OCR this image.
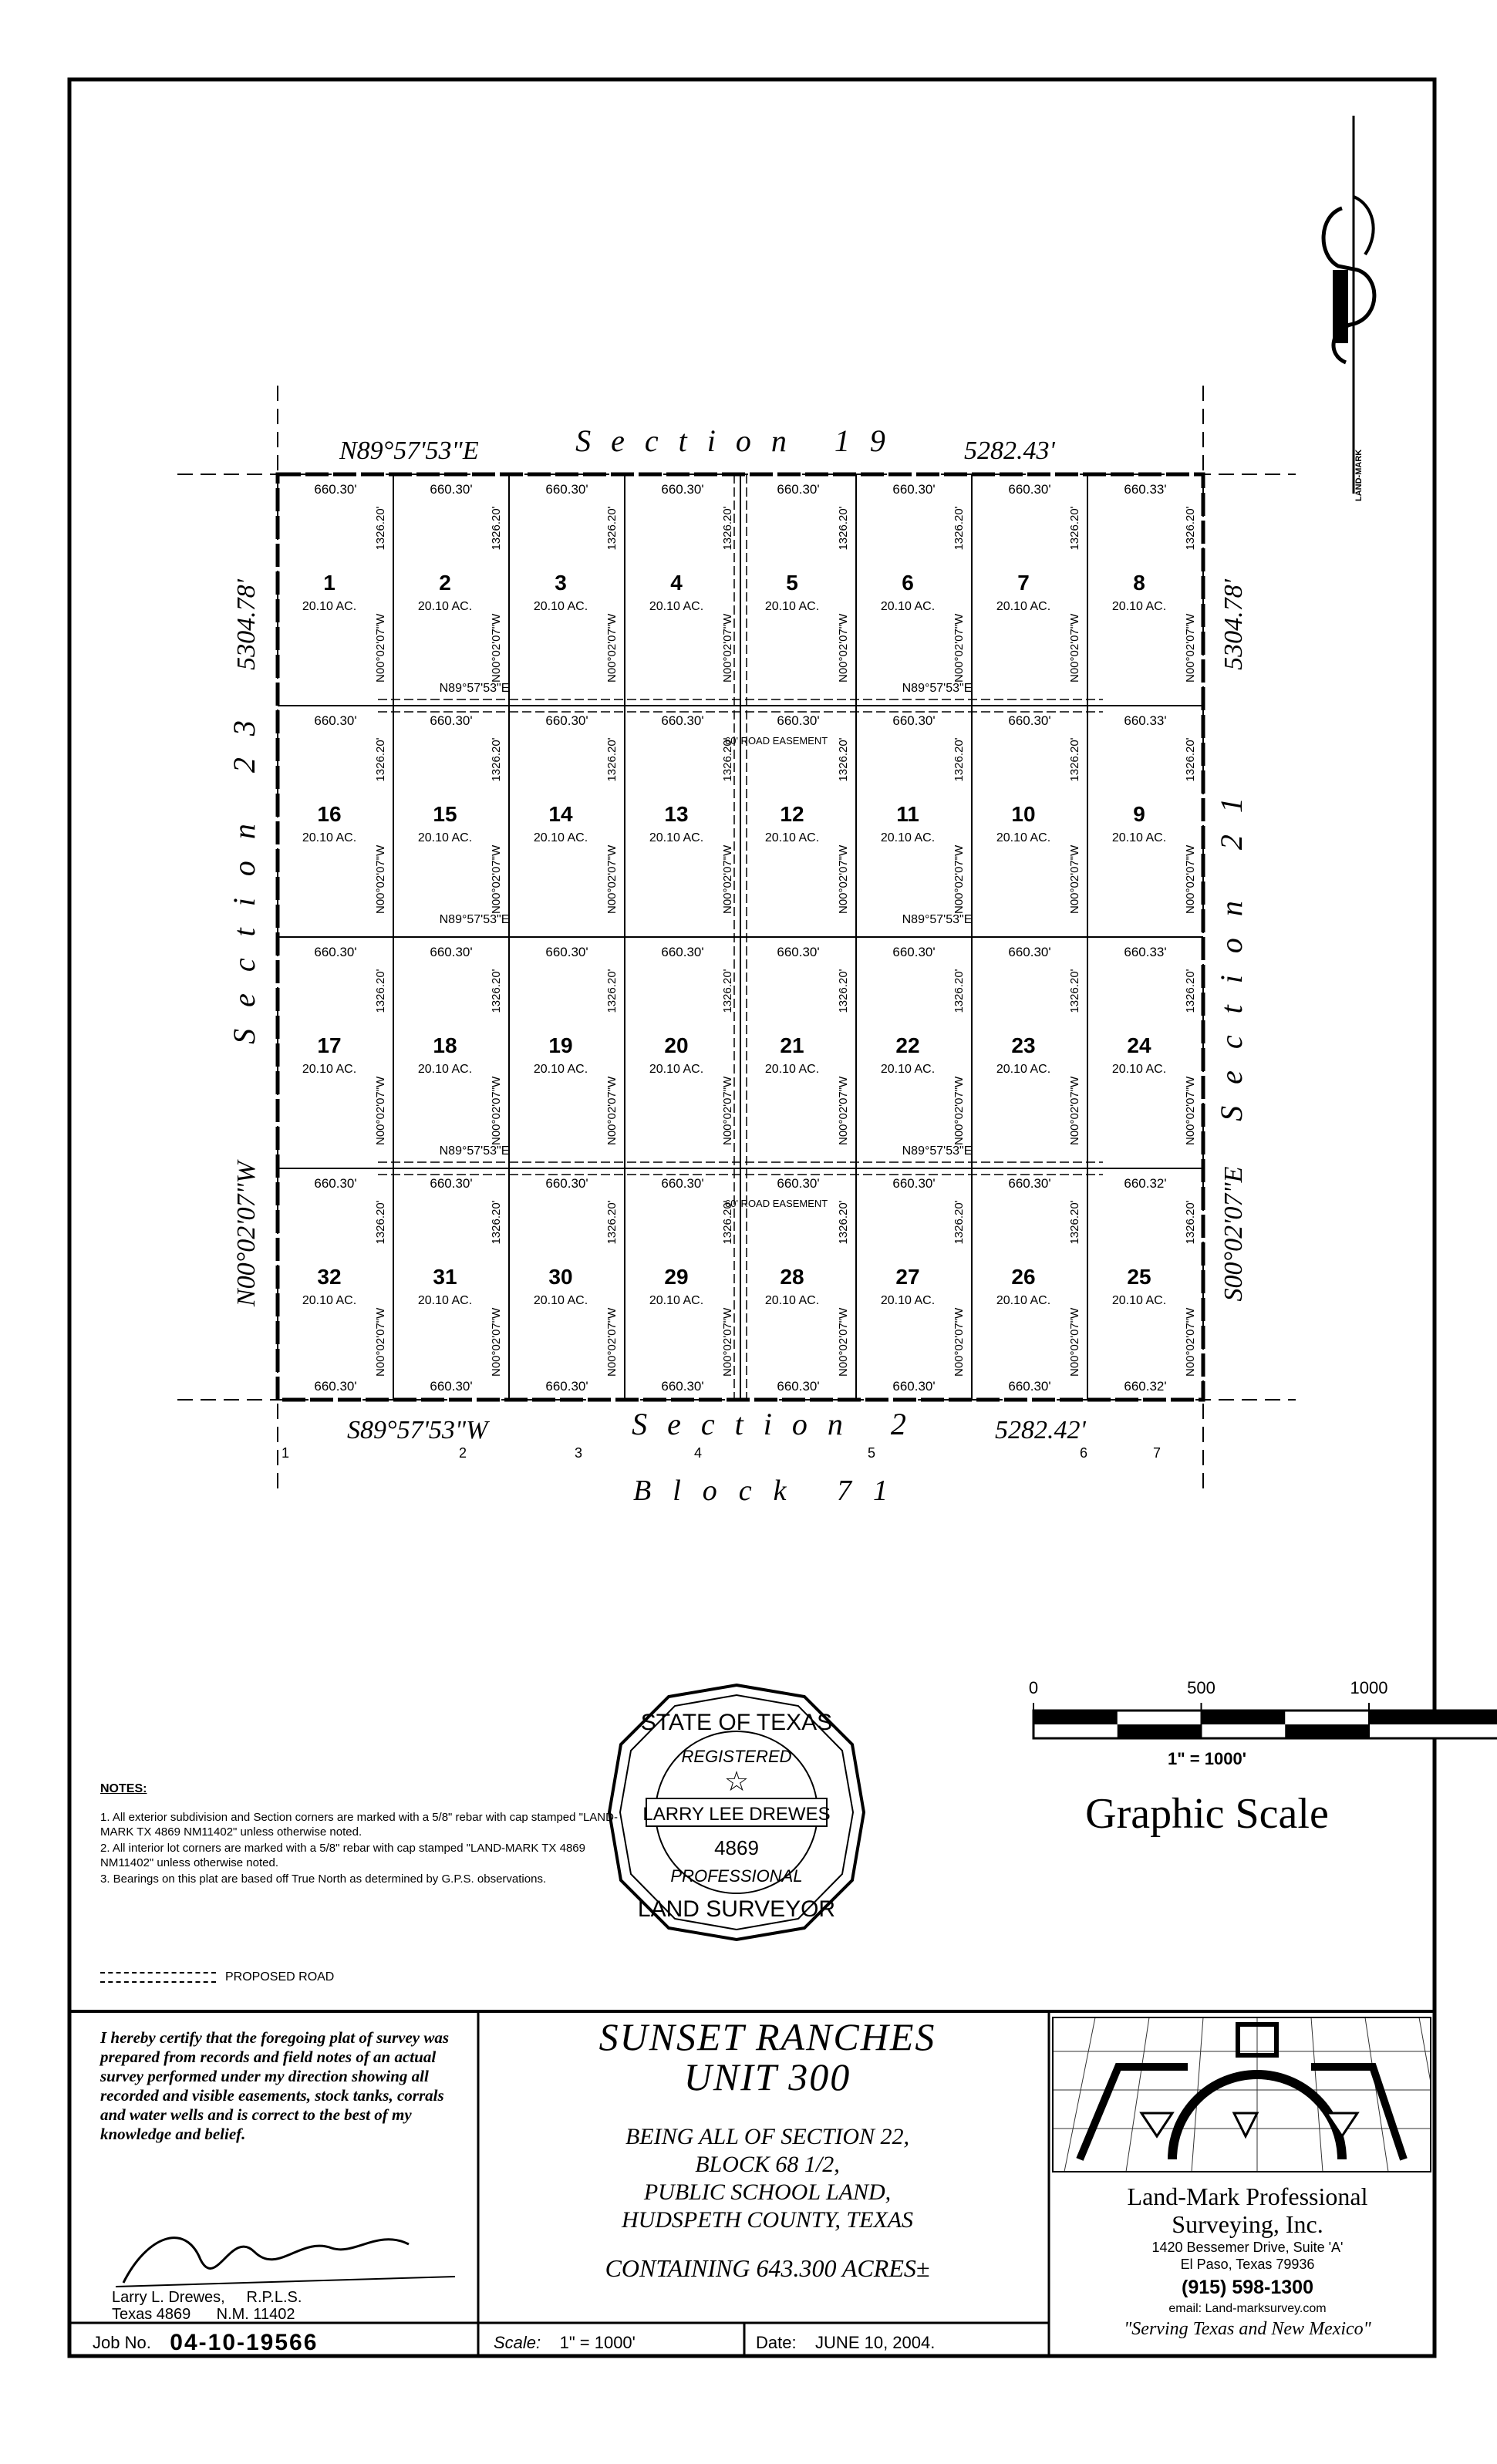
LAND-MARK
660.30'
1
20.10 AC.
N00°02'07"W
1326.20'
660.30'
2
20.10 AC.
N00°02'07"W
1326.20'
660.30'
3
20.10 AC.
N00°02'07"W
1326.20'
660.30'
4
20.10 AC.
N00°02'07"W
1326.20'
660.30'
5
20.10 AC.
N00°02'07"W
1326.20'
660.30'
6
20.10 AC.
N00°02'07"W
1326.20'
660.30'
7
20.10 AC.
N00°02'07"W
1326.20'
660.33'
8
20.10 AC.
N00°02'07"W
1326.20'
660.30'
16
20.10 AC.
N00°02'07"W
1326.20'
660.30'
15
20.10 AC.
N00°02'07"W
1326.20'
660.30'
14
20.10 AC.
N00°02'07"W
1326.20'
660.30'
13
20.10 AC.
N00°02'07"W
1326.20'
660.30'
12
20.10 AC.
N00°02'07"W
1326.20'
660.30'
11
20.10 AC.
N00°02'07"W
1326.20'
660.30'
10
20.10 AC.
N00°02'07"W
1326.20'
660.33'
9
20.10 AC.
N00°02'07"W
1326.20'
660.30'
17
20.10 AC.
N00°02'07"W
1326.20'
660.30'
18
20.10 AC.
N00°02'07"W
1326.20'
660.30'
19
20.10 AC.
N00°02'07"W
1326.20'
660.30'
20
20.10 AC.
N00°02'07"W
1326.20'
660.30'
21
20.10 AC.
N00°02'07"W
1326.20'
660.30'
22
20.10 AC.
N00°02'07"W
1326.20'
660.30'
23
20.10 AC.
N00°02'07"W
1326.20'
660.33'
24
20.10 AC.
N00°02'07"W
1326.20'
660.30'
32
20.10 AC.
N00°02'07"W
1326.20'
660.30'
31
20.10 AC.
N00°02'07"W
1326.20'
660.30'
30
20.10 AC.
N00°02'07"W
1326.20'
660.30'
29
20.10 AC.
N00°02'07"W
1326.20'
660.30'
28
20.10 AC.
N00°02'07"W
1326.20'
660.30'
27
20.10 AC.
N00°02'07"W
1326.20'
660.30'
26
20.10 AC.
N00°02'07"W
1326.20'
660.32'
25
20.10 AC.
N00°02'07"W
1326.20'
660.30'	660.30'	660.30'	660.30'	660.30'	660.30'	660.30'	660.32'
N89°57'53"E
N89°57'53"E
N89°57'53"E
N89°57'53"E
N89°57'53"E
N89°57'53"E
60' ROAD EASEMENT
60' ROAD EASEMENT
N89°57'53"E	Section 19 5282.43'
S89°57'53"W	Section 2	5282.42'
Block 71
1	2	3	4	5	6	7
5304.78'
Section 23
N00°02'07"W
5304.78'
Section 21
S00°02'07"E
0	500	1000
LARRY LEE DREWES
STATE OF TEXAS
REGISTERED
☆
4869
PROFESSIONAL
LAND SURVEYOR
1" = 1000'
Graphic Scale
NOTES:

1. All exterior subdivision and Section corners are marked with a 5/8" rebar with cap stamped "LAND-MARK TX 4869 NM11402" unless otherwise noted.

2. All interior lot corners are marked with a 5/8" rebar with cap stamped "LAND-MARK TX 4869 NM11402" unless otherwise noted.

3. Bearings on this plat are based off True North as determined by G.P.S. observations.

PROPOSED ROAD
I hereby certify that the foregoing plat of survey was prepared from records and field notes of an actual survey performed under my direction showing all recorded and visible easements, stock tanks, corrals and water wells and is correct to the best of my knowledge and belief.
Larry L. Drewes, R.P.L.S.
Texas 4869 N.M. 11402
SUNSET RANCHES
UNIT 300
BEING ALL OF SECTION 22,
BLOCK 68 1/2,
PUBLIC SCHOOL LAND,
HUDSPETH COUNTY, TEXAS
CONTAINING 643.300 ACRES±
Land-Mark Professional
Surveying, Inc.
1420 Bessemer Drive, Suite 'A'
El Paso, Texas 79936
(915) 598-1300
email: Land-marksurvey.com
"Serving Texas and New Mexico"
Job No.
04-10-19566	Scale:
1" = 1000'	Date:
JUNE 10, 2004.
